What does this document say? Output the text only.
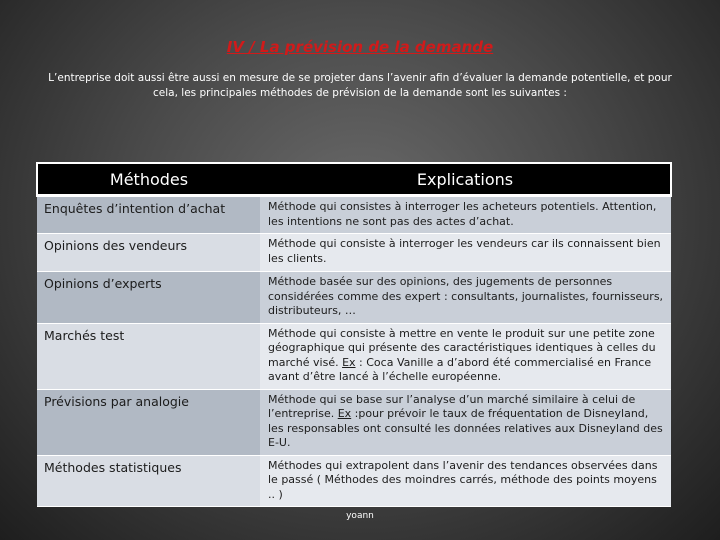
IV / La prévision de la demande
L’entreprise doit aussi être aussi en mesure de se projeter dans l’avenir afin d’évaluer la demande potentielle, et pour cela, les principales méthodes de prévision de la demande sont les suivantes :
Méthodes	Explications
Enquêtes d’intention d’achat	Méthode qui consistes à interroger les acheteurs potentiels. Attention, les intentions ne sont pas des actes d’achat.
Opinions des vendeurs	Méthode qui consiste à interroger les vendeurs car ils connaissent bien les clients.
Opinions d’experts	Méthode basée sur des opinions, des jugements de personnes considérées comme des expert : consultants, journalistes, fournisseurs, distributeurs, …
Marchés test	Méthode qui consiste à mettre en vente le produit sur une petite zone géographique qui présente des caractéristiques identiques à celles du marché visé. Ex : Coca Vanille a d’abord été commercialisé en France avant d’être lancé à l’échelle européenne.
Prévisions par analogie	Méthode qui se base sur l’analyse d’un marché similaire à celui de l’entreprise. Ex :pour prévoir le taux de fréquentation de Disneyland, les responsables ont consulté les données relatives aux Disneyland des E-U.
Méthodes statistiques	Méthodes qui extrapolent dans l’avenir des tendances observées dans le passé ( Méthodes des moindres carrés, méthode des points moyens .. )
yoann
